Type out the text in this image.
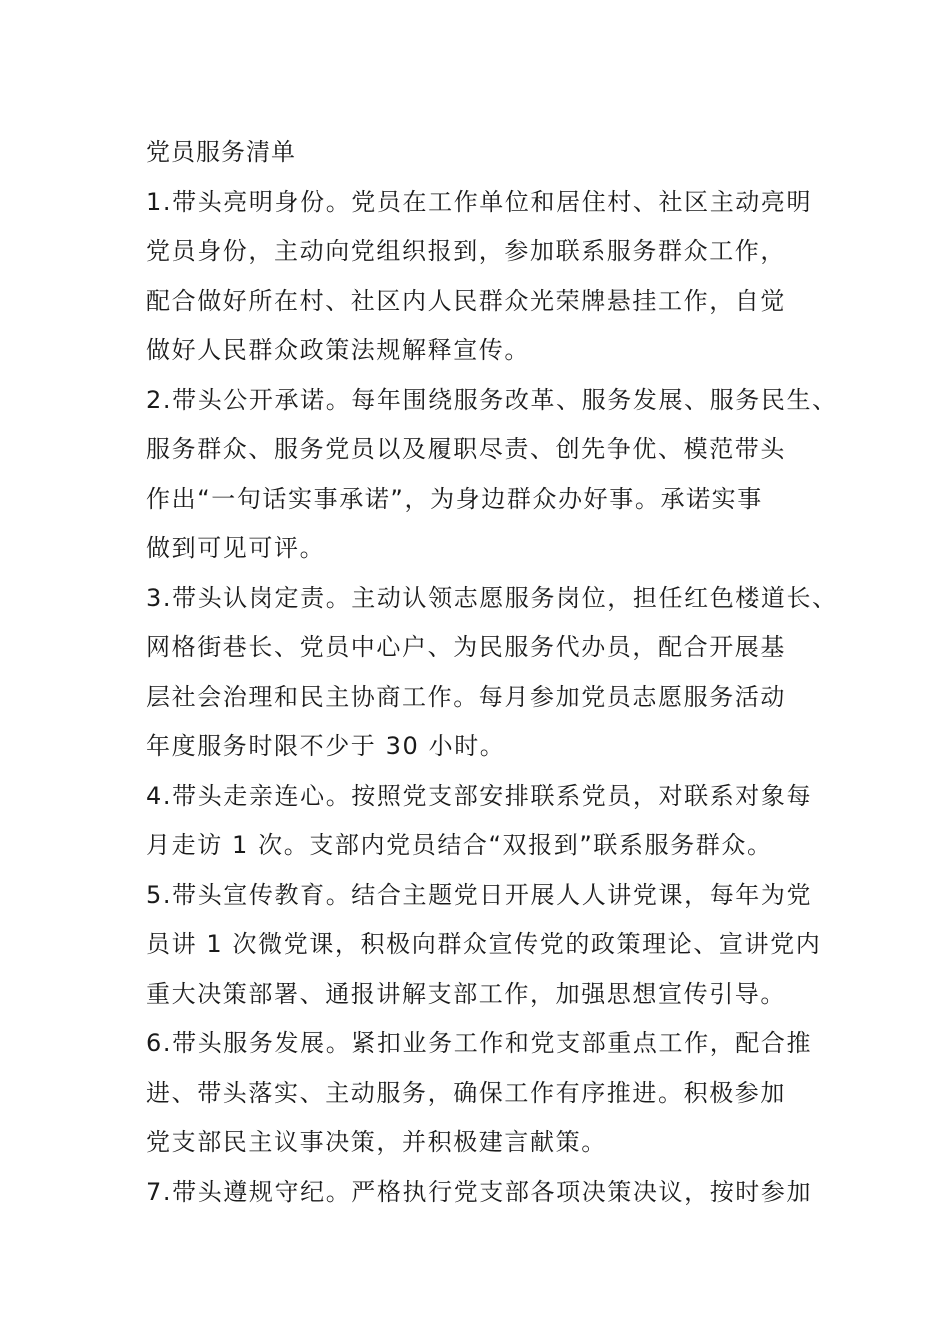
党员服务清单

1.带头亮明身份。党员在工作单位和居住村、社区主动亮明

党员身份，主动向党组织报到，参加联系服务群众工作，

配合做好所在村、社区内人民群众光荣牌悬挂工作，自觉

做好人民群众政策法规解释宣传。

2.带头公开承诺。每年围绕服务改革、服务发展、服务民生、

服务群众、服务党员以及履职尽责、创先争优、模范带头

作出“一句话实事承诺”，为身边群众办好事。承诺实事

做到可见可评。

3.带头认岗定责。主动认领志愿服务岗位，担任红色楼道长、

网格街巷长、党员中心户、为民服务代办员，配合开展基

层社会治理和民主协商工作。每月参加党员志愿服务活动

年度服务时限不少于 30 小时。

4.带头走亲连心。按照党支部安排联系党员，对联系对象每

月走访 1 次。支部内党员结合“双报到”联系服务群众。

5.带头宣传教育。结合主题党日开展人人讲党课，每年为党

员讲 1 次微党课，积极向群众宣传党的政策理论、宣讲党内

重大决策部署、通报讲解支部工作，加强思想宣传引导。

6.带头服务发展。紧扣业务工作和党支部重点工作，配合推

进、带头落实、主动服务，确保工作有序推进。积极参加

党支部民主议事决策，并积极建言献策。

7.带头遵规守纪。严格执行党支部各项决策决议，按时参加
